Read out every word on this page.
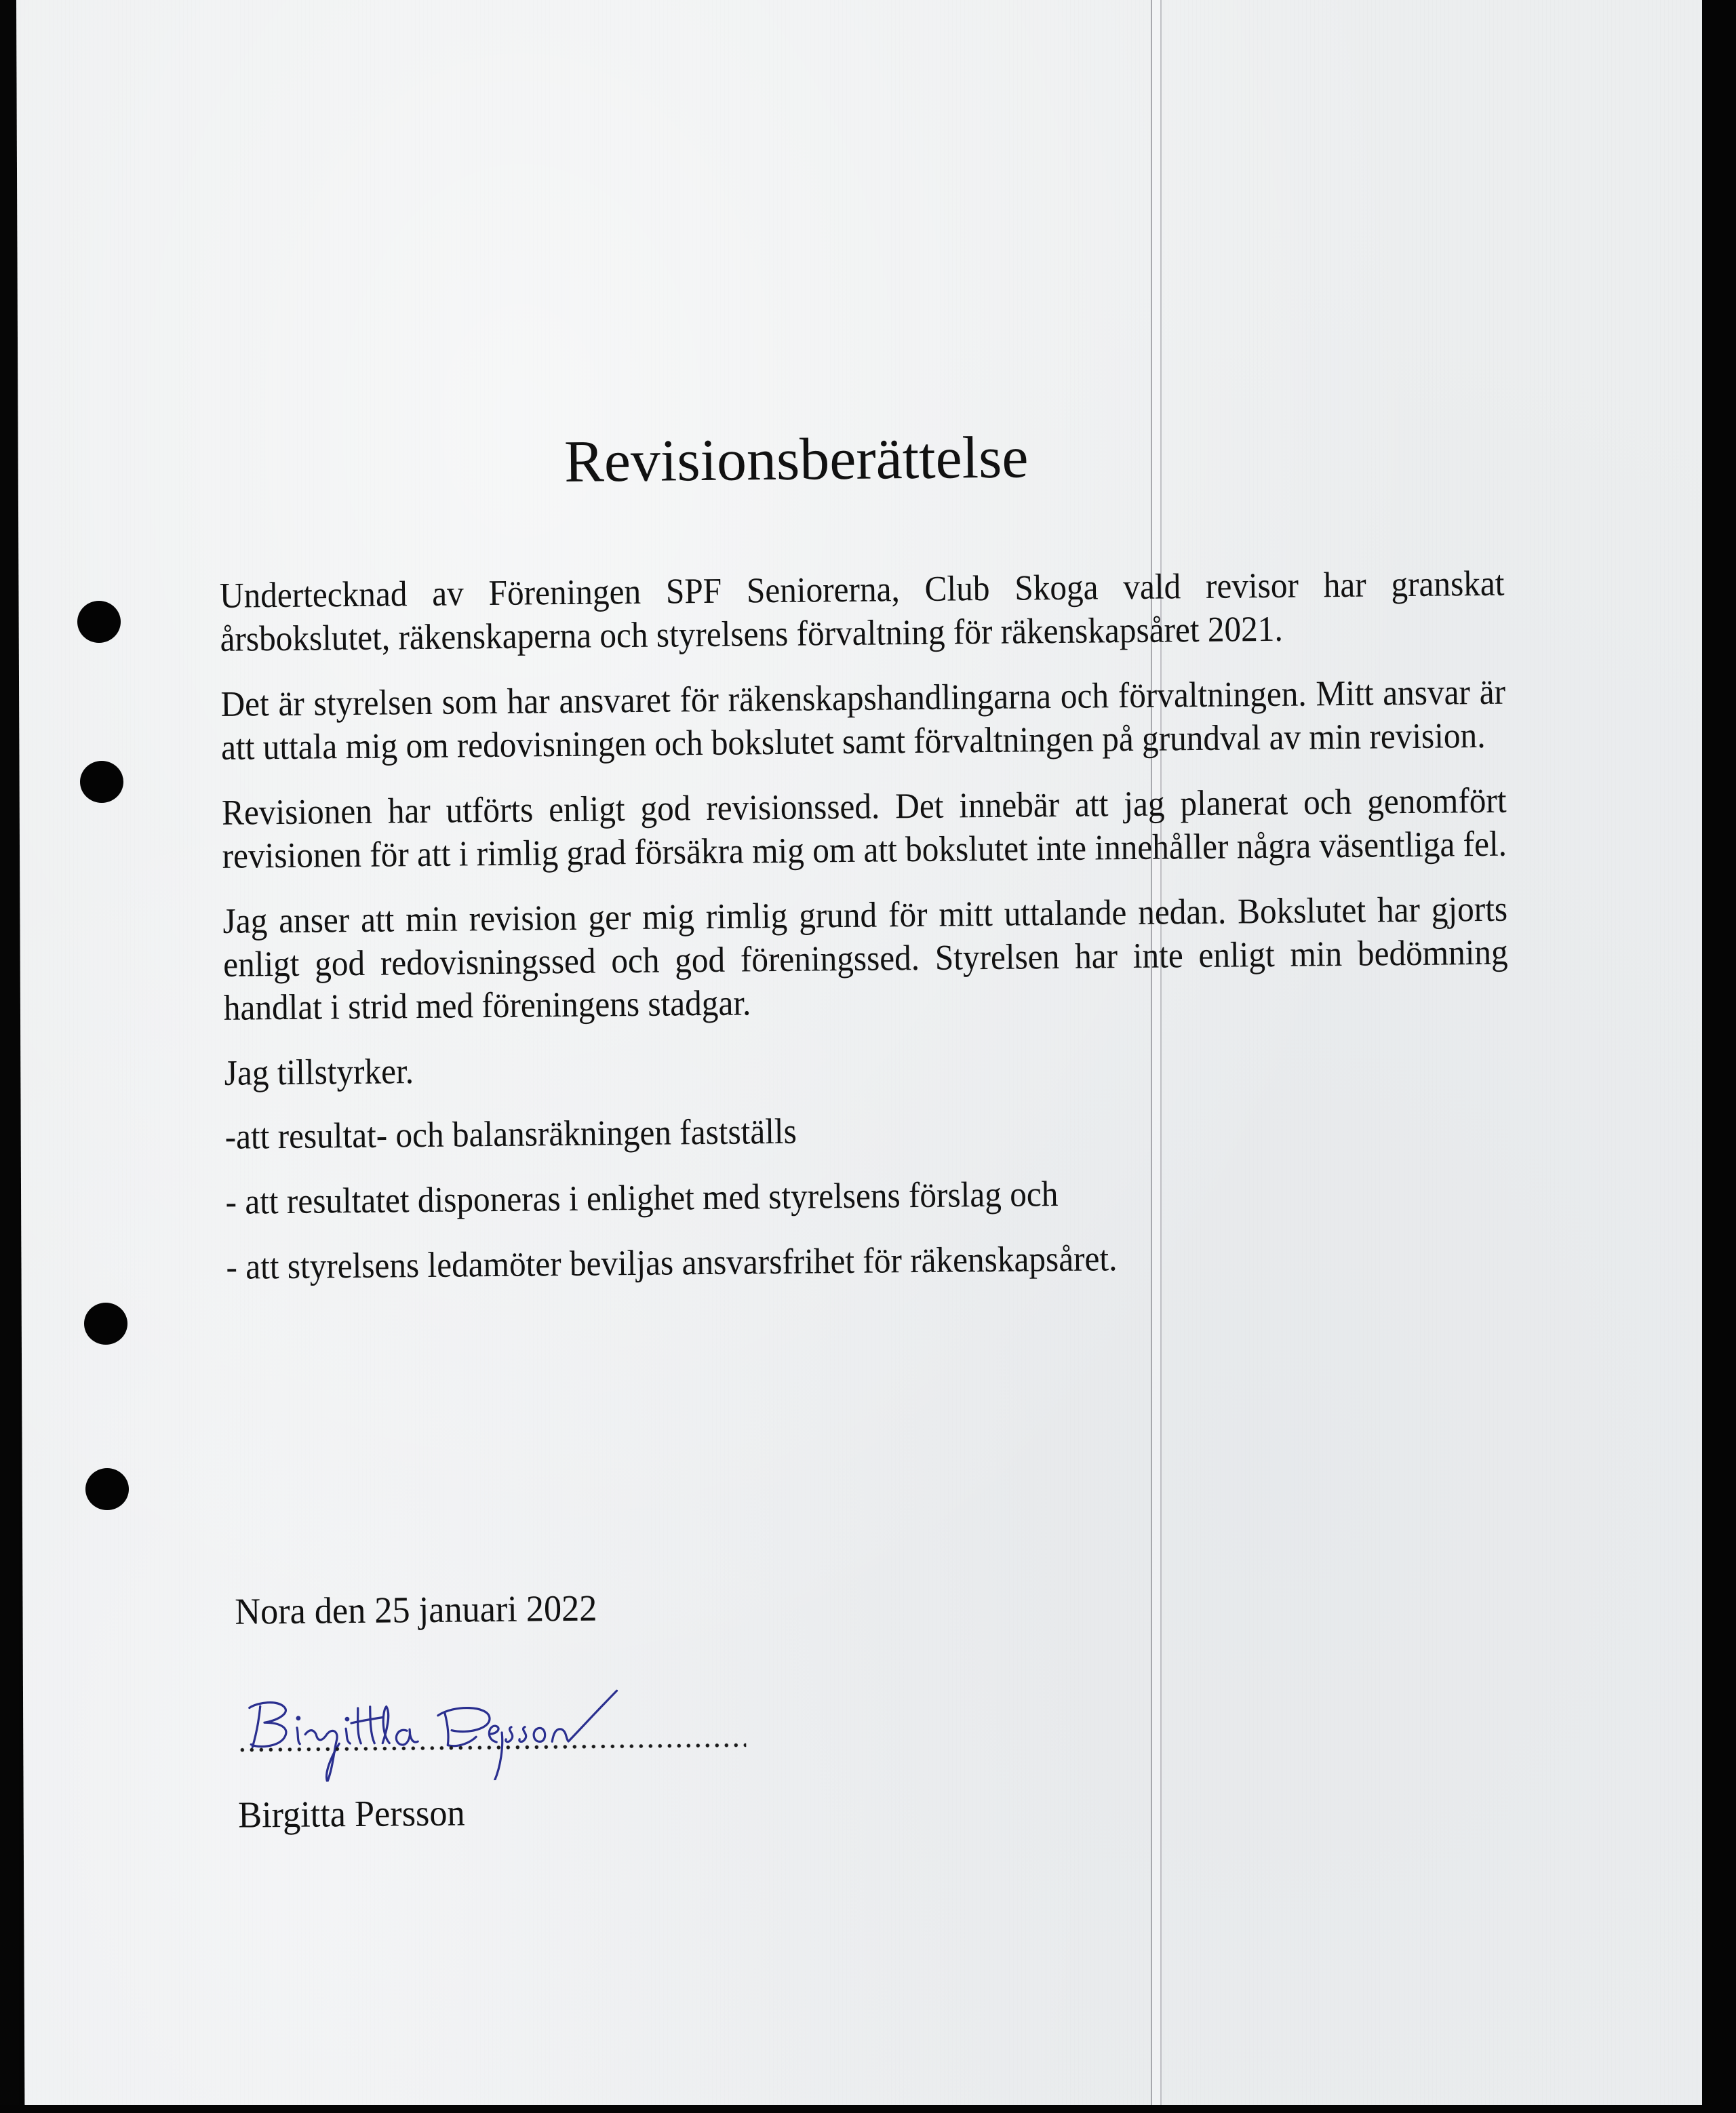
Revisionsberättelse

Undertecknad av Föreningen SPF Seniorerna, Club Skoga vald revisor har granskat årsbokslutet, räkenskaperna och styrelsens förvaltning för räkenskapsåret 2021.

Det är styrelsen som har ansvaret för räkenskapshandlingarna och förvaltningen. Mitt ansvar är att uttala mig om redovisningen och bokslutet samt förvaltningen på grundval av min revision.

Revisionen har utförts enligt god revisionssed. Det innebär att jag planerat och genomfört revisionen för att i rimlig grad försäkra mig om att bokslutet inte innehåller några väsentliga fel.

Jag anser att min revision ger mig rimlig grund för mitt uttalande nedan. Bokslutet har gjorts enligt god redovisningssed och god föreningssed. Styrelsen har inte enligt min bedömning handlat i strid med föreningens stadgar.

Jag tillstyrker.

-att resultat- och balansräkningen fastställs

- att resultatet disponeras i enlighet med styrelsens förslag och

- att styrelsens ledamöter beviljas ansvarsfrihet för räkenskapsåret.

Nora den 25 januari 2022
Birgitta Persson
